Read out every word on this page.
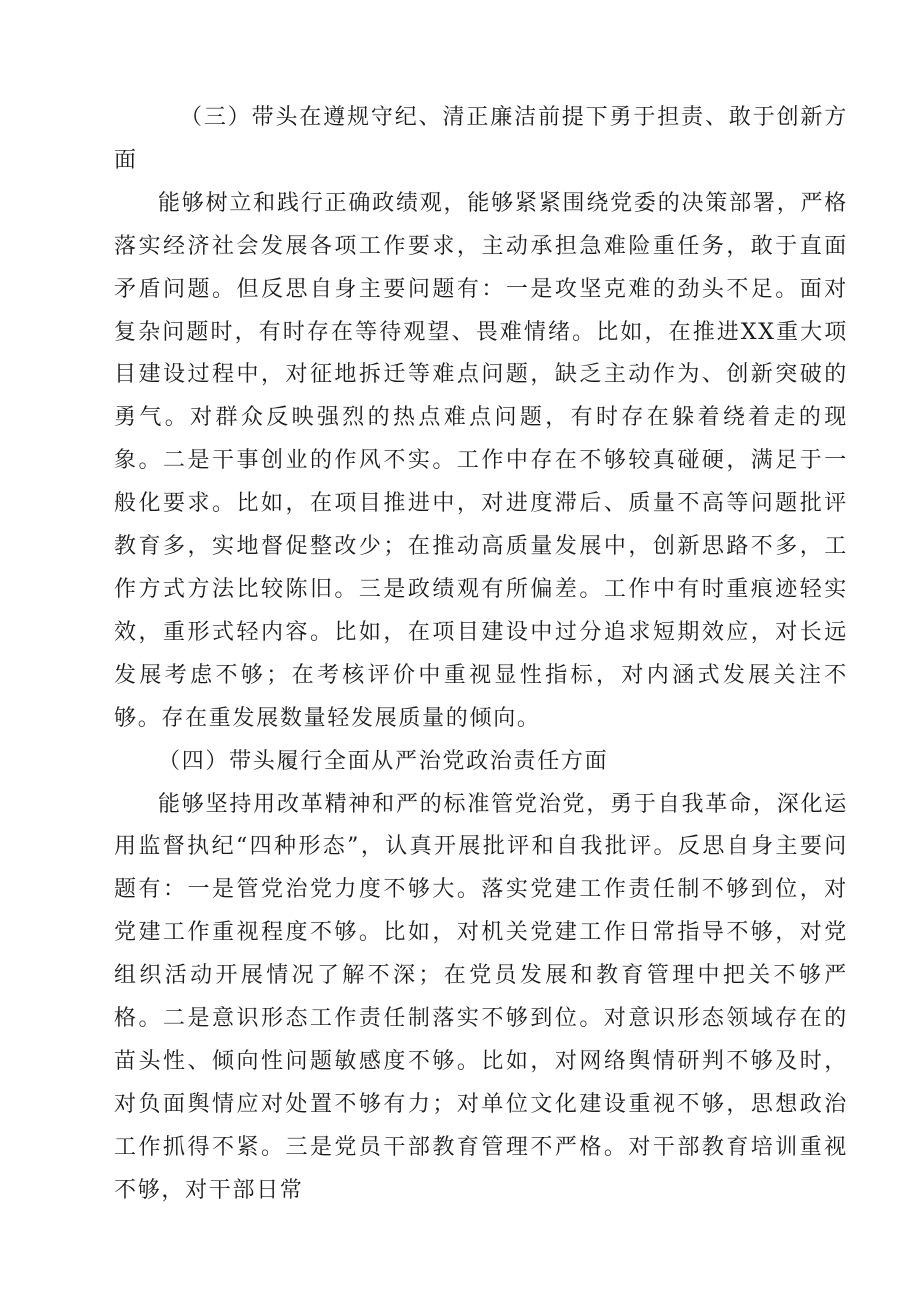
（三）带头在遵规守纪、清正廉洁前提下勇于担责、敢于创新方面

能够树立和践行正确政绩观，能够紧紧围绕党委的决策部署，严格落实经济社会发展各项工作要求，主动承担急难险重任务，敢于直面矛盾问题。但反思自身主要问题有：一是攻坚克难的劲头不足。面对复杂问题时，有时存在等待观望、畏难情绪。比如，在推进XX重大项目建设过程中，对征地拆迁等难点问题，缺乏主动作为、创新突破的勇气。对群众反映强烈的热点难点问题，有时存在躲着绕着走的现象。二是干事创业的作风不实。工作中存在不够较真碰硬，满足于一般化要求。比如，在项目推进中，对进度滞后、质量不高等问题批评教育多，实地督促整改少；在推动高质量发展中，创新思路不多，工作方式方法比较陈旧。三是政绩观有所偏差。工作中有时重痕迹轻实效，重形式轻内容。比如，在项目建设中过分追求短期效应，对长远发展考虑不够；在考核评价中重视显性指标，对内涵式发展关注不够。存在重发展数量轻发展质量的倾向。

（四）带头履行全面从严治党政治责任方面

能够坚持用改革精神和严的标准管党治党，勇于自我革命，深化运用监督执纪“四种形态”，认真开展批评和自我批评。反思自身主要问题有：一是管党治党力度不够大。落实党建工作责任制不够到位，对党建工作重视程度不够。比如，对机关党建工作日常指导不够，对党组织活动开展情况了解不深；在党员发展和教育管理中把关不够严格。二是意识形态工作责任制落实不够到位。对意识形态领域存在的苗头性、倾向性问题敏感度不够。比如，对网络舆情研判不够及时，对负面舆情应对处置不够有力；对单位文化建设重视不够，思想政治工作抓得不紧。三是党员干部教育管理不严格。对干部教育培训重视不够，对干部日常
